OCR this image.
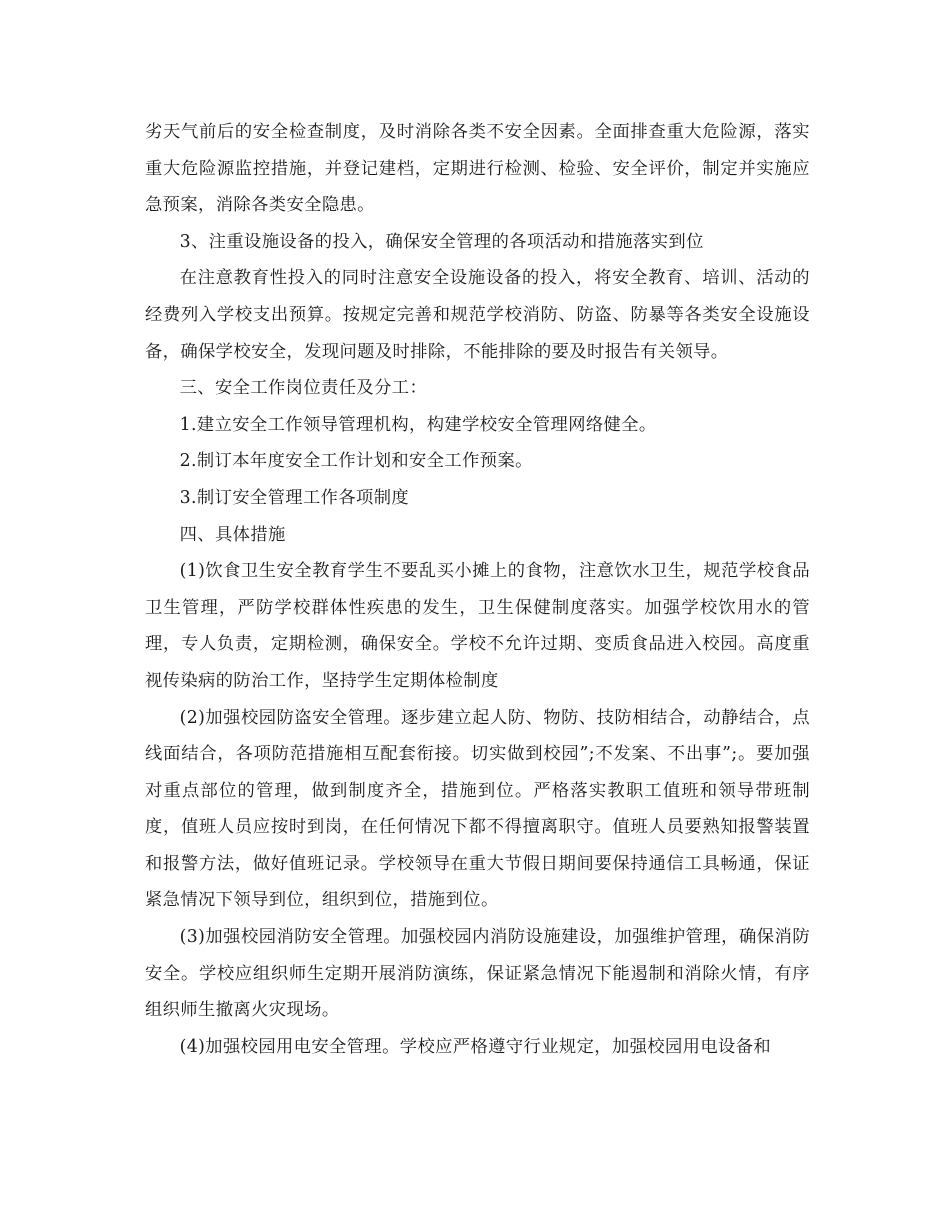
劣天气前后的安全检查制度，及时消除各类不安全因素。全面排查重大危险源，落实重大危险源监控措施，并登记建档，定期进行检测、检验、安全评价，制定并实施应急预案，消除各类安全隐患。

3、注重设施设备的投入，确保安全管理的各项活动和措施落实到位

在注意教育性投入的同时注意安全设施设备的投入，将安全教育、培训、活动的经费列入学校支出预算。按规定完善和规范学校消防、防盗、防暴等各类安全设施设备，确保学校安全，发现问题及时排除，不能排除的要及时报告有关领导。

三、安全工作岗位责任及分工：

1.建立安全工作领导管理机构，构建学校安全管理网络健全。

2.制订本年度安全工作计划和安全工作预案。

3.制订安全管理工作各项制度

四、具体措施

(1)饮食卫生安全教育学生不要乱买小摊上的食物，注意饮水卫生，规范学校食品卫生管理，严防学校群体性疾患的发生，卫生保健制度落实。加强学校饮用水的管理，专人负责，定期检测，确保安全。学校不允许过期、变质食品进入校园。高度重视传染病的防治工作，坚持学生定期体检制度

(2)加强校园防盗安全管理。逐步建立起人防、物防、技防相结合，动静结合，点线面结合，各项防范措施相互配套衔接。切实做到校园”;不发案、不出事”;。要加强对重点部位的管理，做到制度齐全，措施到位。严格落实教职工值班和领导带班制度，值班人员应按时到岗，在任何情况下都不得擅离职守。值班人员要熟知报警装置和报警方法，做好值班记录。学校领导在重大节假日期间要保持通信工具畅通，保证紧急情况下领导到位，组织到位，措施到位。

(3)加强校园消防安全管理。加强校园内消防设施建设，加强维护管理，确保消防安全。学校应组织师生定期开展消防演练，保证紧急情况下能遏制和消除火情，有序组织师生撤离火灾现场。

(4)加强校园用电安全管理。学校应严格遵守行业规定，加强校园用电设备和
